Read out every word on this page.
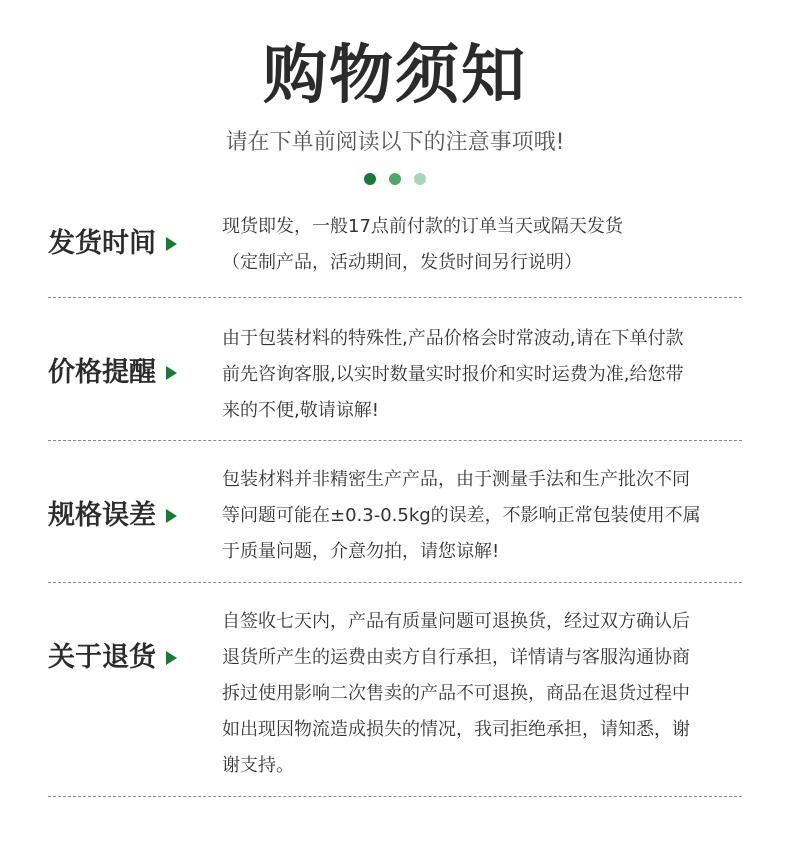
购物须知
请在下单前阅读以下的注意事项哦!
发货时间

现货即发，一般17点前付款的订单当天或隔天发货

（定制产品，活动期间，发货时间另行说明）

价格提醒

由于包装材料的特殊性,产品价格会时常波动,请在下单付款

前先咨询客服,以实时数量实时报价和实时运费为准,给您带

来的不便,敬请谅解!

规格误差

包装材料并非精密生产产品，由于测量手法和生产批次不同

等问题可能在±0.3-0.5kg的误差，不影响正常包装使用不属

于质量问题，介意勿拍，请您谅解!

关于退货

自签收七天内，产品有质量问题可退换货，经过双方确认后

退货所产生的运费由卖方自行承担，详情请与客服沟通协商

拆过使用影响二次售卖的产品不可退换，商品在退货过程中

如出现因物流造成损失的情况，我司拒绝承担，请知悉，谢

谢支持。
